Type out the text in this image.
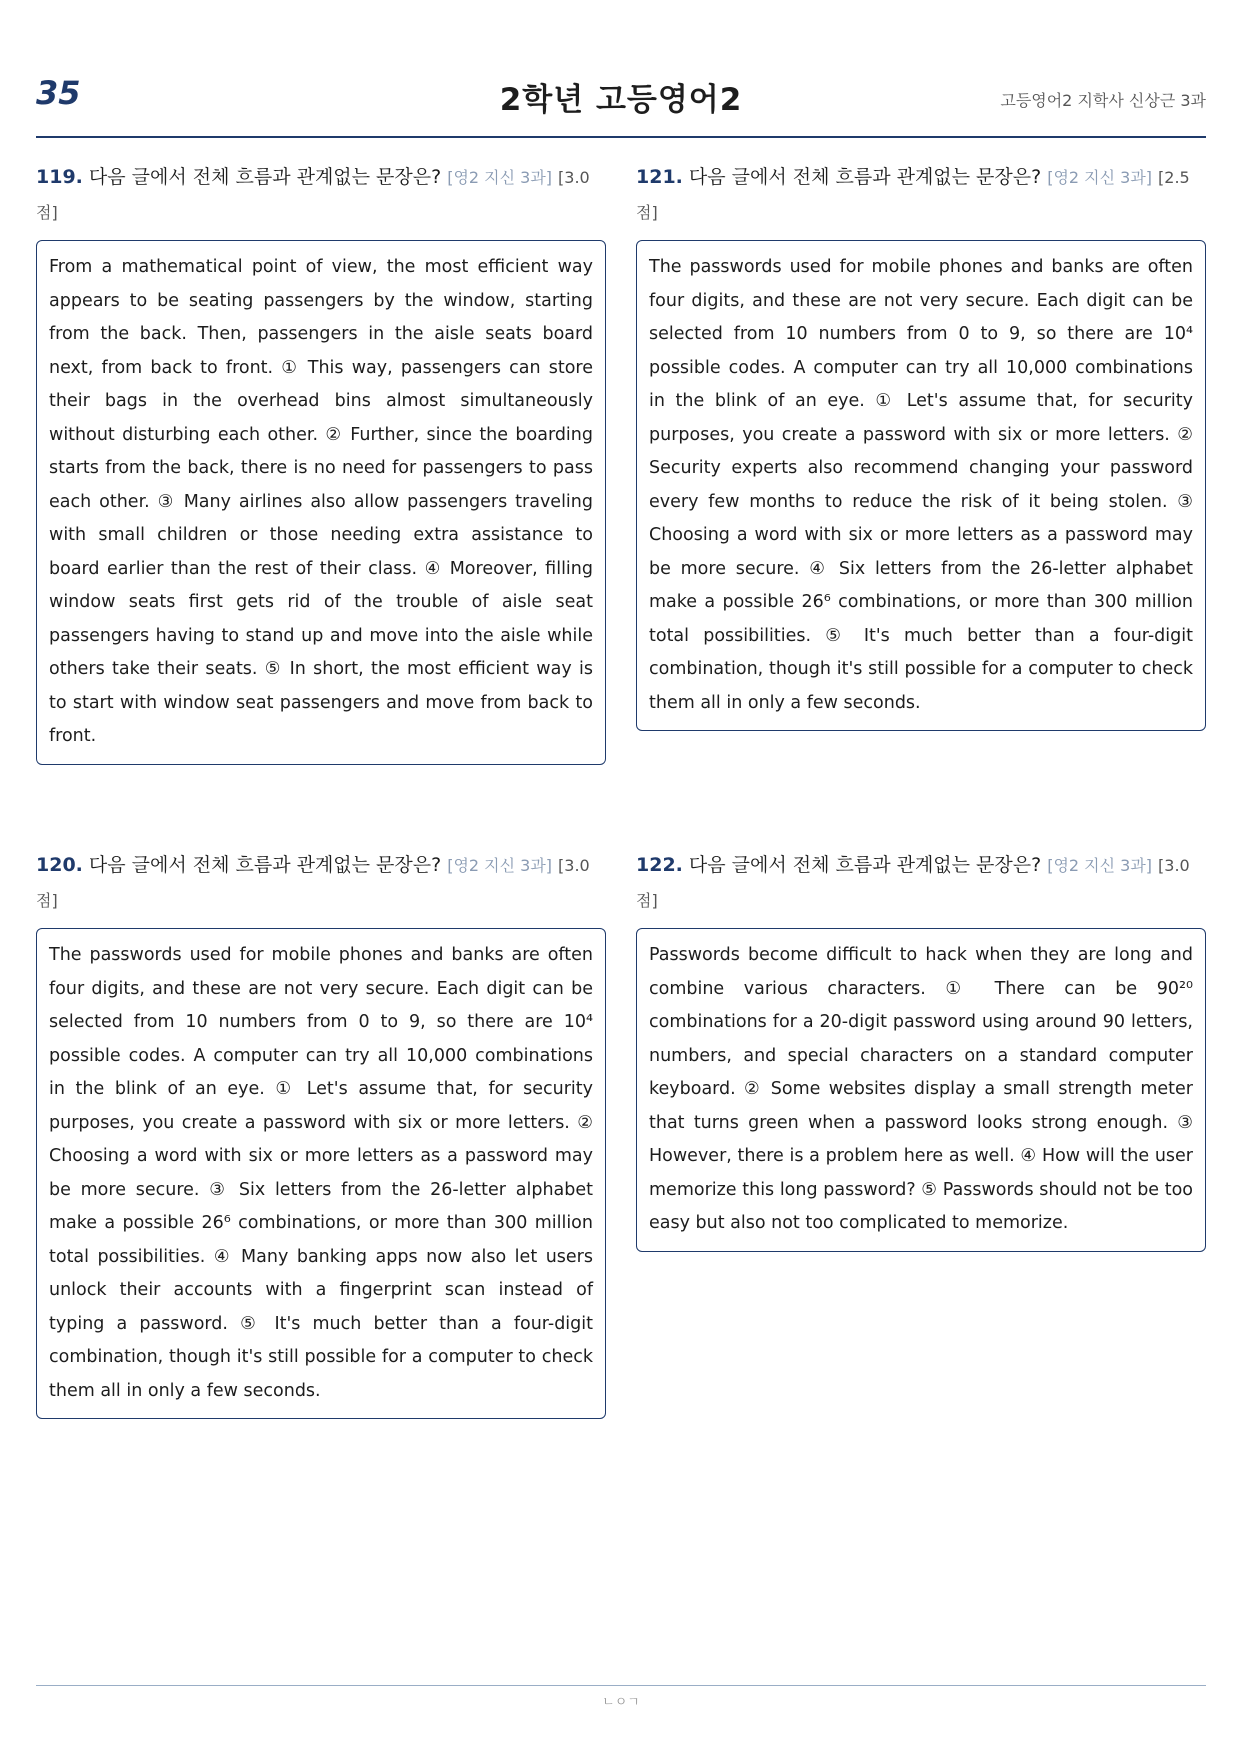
35	2학년 고등영어2	고등영어2 지학사 신상근 3과
119. 다음 글에서 전체 흐름과 관계없는 문장은? [영2 지신 3과] [3.0 점]
From a mathematical point of view, the most efficient way appears to be seating passengers by the window, starting from the back. Then, passengers in the aisle seats board next, from back to front. ① This way, passengers can store their bags in the overhead bins almost simultaneously without disturbing each other. ② Further, since the boarding starts from the back, there is no need for passengers to pass each other. ③ Many airlines also allow passengers traveling with small children or those needing extra assistance to board earlier than the rest of their class. ④ Moreover, filling window seats first gets rid of the trouble of aisle seat passengers having to stand up and move into the aisle while others take their seats. ⑤ In short, the most efficient way is to start with window seat passengers and move from back to front.
121. 다음 글에서 전체 흐름과 관계없는 문장은? [영2 지신 3과] [2.5 점]
The passwords used for mobile phones and banks are often four digits, and these are not very secure. Each digit can be selected from 10 numbers from 0 to 9, so there are 10⁴ possible codes. A computer can try all 10,000 combinations in the blink of an eye. ① Let's assume that, for security purposes, you create a password with six or more letters. ② Security experts also recommend changing your password every few months to reduce the risk of it being stolen. ③ Choosing a word with six or more letters as a password may be more secure. ④ Six letters from the 26-letter alphabet make a possible 26⁶ combinations, or more than 300 million total possibilities. ⑤ It's much better than a four-digit combination, though it's still possible for a computer to check them all in only a few seconds.
120. 다음 글에서 전체 흐름과 관계없는 문장은? [영2 지신 3과] [3.0 점]
The passwords used for mobile phones and banks are often four digits, and these are not very secure. Each digit can be selected from 10 numbers from 0 to 9, so there are 10⁴ possible codes. A computer can try all 10,000 combinations in the blink of an eye. ① Let's assume that, for security purposes, you create a password with six or more letters. ② Choosing a word with six or more letters as a password may be more secure. ③ Six letters from the 26-letter alphabet make a possible 26⁶ combinations, or more than 300 million total possibilities. ④ Many banking apps now also let users unlock their accounts with a fingerprint scan instead of typing a password. ⑤ It's much better than a four-digit combination, though it's still possible for a computer to check them all in only a few seconds.
122. 다음 글에서 전체 흐름과 관계없는 문장은? [영2 지신 3과] [3.0 점]
Passwords become difficult to hack when they are long and combine various characters. ① There can be 90²⁰ combinations for a 20-digit password using around 90 letters, numbers, and special characters on a standard computer keyboard. ② Some websites display a small strength meter that turns green when a password looks strong enough. ③ However, there is a problem here as well. ④ How will the user memorize this long password? ⑤ Passwords should not be too easy but also not too complicated to memorize.
ㄴㅇㄱ
